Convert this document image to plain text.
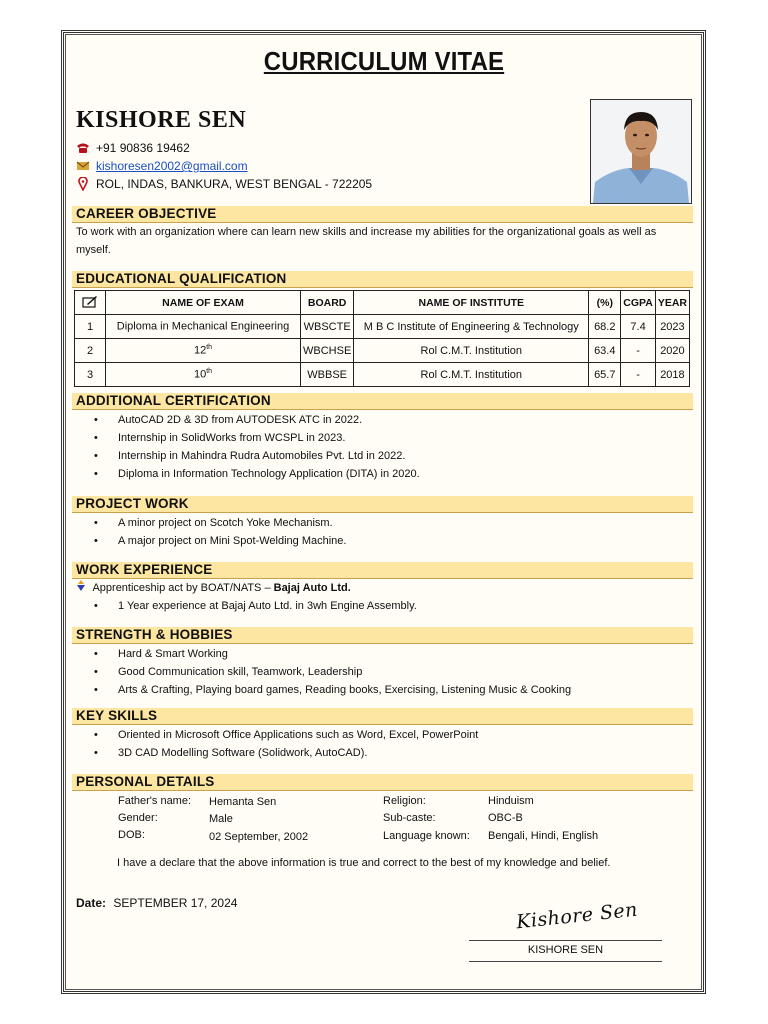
CURRICULUM VITAE
KISHORE SEN
+91 90836 19462
kishoresen2002@gmail.com
ROL, INDAS, BANKURA, WEST BENGAL - 722205
CAREER OBJECTIVE
To work with an organization where can learn new skills and increase my abilities for the organizational goals as well as myself.
EDUCATIONAL QUALIFICATION
	NAME OF EXAM	BOARD	NAME OF INSTITUTE	(%)	CGPA	YEAR
1	Diploma in Mechanical Engineering	WBSCTE	M B C Institute of Engineering & Technology	68.2	7.4	2023
2	12th	WBCHSE	Rol C.M.T. Institution	63.4	-	2020
3	10th	WBBSE	Rol C.M.T. Institution	65.7	-	2018
ADDITIONAL CERTIFICATION
• AutoCAD 2D & 3D from AUTODESK ATC in 2022.
• Internship in SolidWorks from WCSPL in 2023.
• Internship in Mahindra Rudra Automobiles Pvt. Ltd in 2022.
• Diploma in Information Technology Application (DITA) in 2020.
PROJECT WORK
• A minor project on Scotch Yoke Mechanism.
• A major project on Mini Spot-Welding Machine.
WORK EXPERIENCE
Apprenticeship act by BOAT/NATS – Bajaj Auto Ltd.
• 1 Year experience at Bajaj Auto Ltd. in 3wh Engine Assembly.
STRENGTH & HOBBIES
• Hard & Smart Working
• Good Communication skill, Teamwork, Leadership
• Arts & Crafting, Playing board games, Reading books, Exercising, Listening Music & Cooking
KEY SKILLS
• Oriented in Microsoft Office Applications such as Word, Excel, PowerPoint
• 3D CAD Modelling Software (Solidwork, AutoCAD).
PERSONAL DETAILS
Father's name: Hemanta Sen
Gender:	Male
DOB:	02 September, 2002
Religion:	Hinduism
Sub-caste:	OBC-B
Language known: Bengali, Hindi, English
I have a declare that the above information is true and correct to the best of my knowledge and belief.
Date: SEPTEMBER 17, 2024	Kishore Sen
KISHORE SEN
